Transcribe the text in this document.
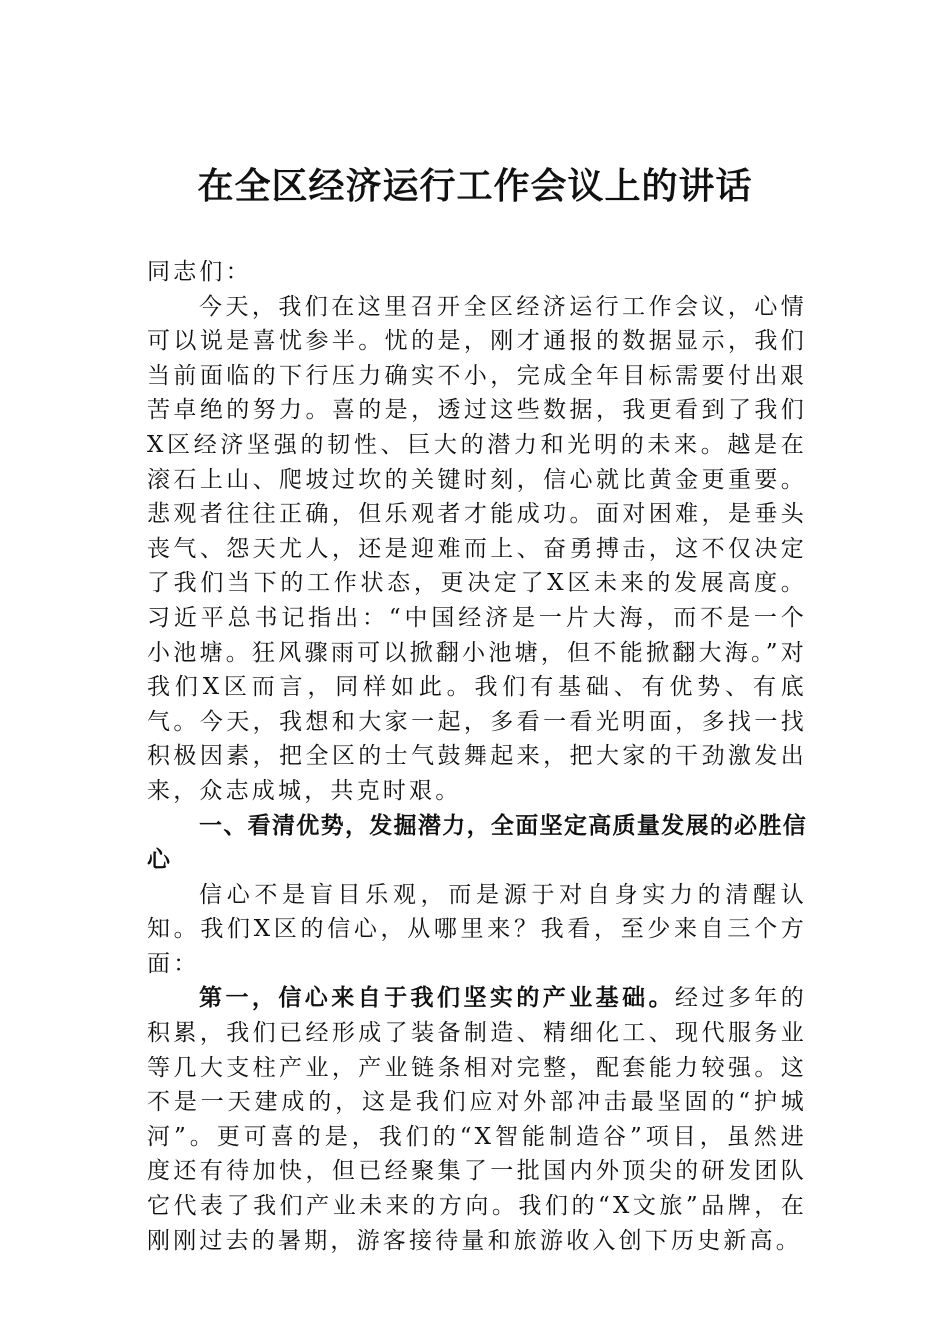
在全区经济运行工作会议上的讲话

同志们：

今天，我们在这里召开全区经济运行工作会议，心情可以说是喜忧参半。忧的是，刚才通报的数据显示，我们当前面临的下行压力确实不小，完成全年目标需要付出艰苦卓绝的努力。喜的是，透过这些数据，我更看到了我们X区经济坚强的韧性、巨大的潜力和光明的未来。越是在滚石上山、爬坡过坎的关键时刻，信心就比黄金更重要。悲观者往往正确，但乐观者才能成功。面对困难，是垂头丧气、怨天尤人，还是迎难而上、奋勇搏击，这不仅决定了我们当下的工作状态，更决定了X区未来的发展高度。习近平总书记指出：“中国经济是一片大海，而不是一个小池塘。狂风骤雨可以掀翻小池塘，但不能掀翻大海。”对我们X区而言，同样如此。我们有基础、有优势、有底气。今天，我想和大家一起，多看一看光明面，多找一找积极因素，把全区的士气鼓舞起来，把大家的干劲激发出来，众志成城，共克时艰。

一、看清优势，发掘潜力，全面坚定高质量发展的必胜信心

信心不是盲目乐观，而是源于对自身实力的清醒认知。我们X区的信心，从哪里来？我看，至少来自三个方面：

第一，信心来自于我们坚实的产业基础。经过多年的积累，我们已经形成了装备制造、精细化工、现代服务业等几大支柱产业，产业链条相对完整，配套能力较强。这不是一天建成的，这是我们应对外部冲击最坚固的“护城河”。更可喜的是，我们的“X智能制造谷”项目，虽然进度还有待加快，但已经聚集了一批国内外顶尖的研发团队它代表了我们产业未来的方向。我们的“X文旅”品牌，在刚刚过去的暑期，游客接待量和旅游收入创下历史新高。
